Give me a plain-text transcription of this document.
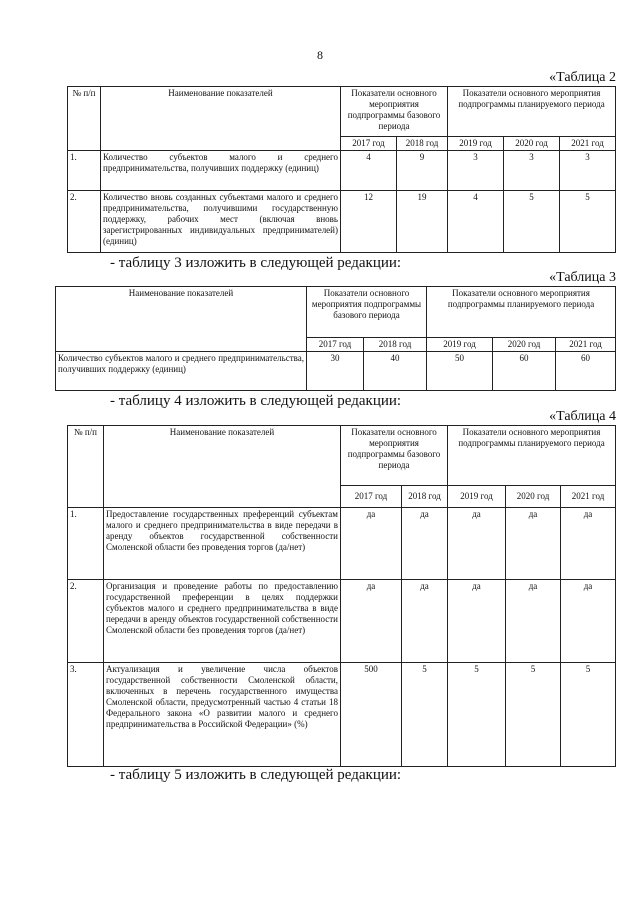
8
«Таблица 2
№ п/п	Наименование показателей	Показатели основного мероприятия подпрограммы базового периода		Показатели основного мероприятия подпрограммы планируемого периода		
		2017 год	2018 год	2019 год	2020 год	2021 год
1.	Количество субъектов малого и среднего предпринимательства, получивших поддержку (единиц)	4	9	3	3	3
2.	Количество вновь созданных субъектами малого и среднего предпринимательства, получившими государственную поддержку, рабочих мест (включая вновь зарегистрированных индивидуальных предпринимателей) (единиц)	12	19	4	5	5
- таблицу 3 изложить в следующей редакции:
«Таблица 3
Наименование показателей	Показатели основного мероприятия подпрограммы базового периода		Показатели основного мероприятия подпрограммы планируемого периода		
	2017 год	2018 год	2019 год	2020 год	2021 год

Количество субъектов малого и среднего предпринимательства, получивших поддержку (единиц)	30	40	50	60	60
- таблицу 4 изложить в следующей редакции:
«Таблица 4
№ п/п	Наименование показателей	Показатели основного мероприятия подпрограммы базового периода		Показатели основного мероприятия подпрограммы планируемого периода		
		2017 год	2018 год	2019 год	2020 год	2021 год
1.	Предоставление государственных преференций субъектам малого и среднего предпринимательства в виде передачи в аренду объектов государственной собственности Смоленской области без проведения торгов (да/нет)	да	да	да	да	да
2.	Организация и проведение работы по предоставлению государственной преференции в целях поддержки субъектов малого и среднего предпринимательства в виде передачи в аренду объектов государственной собственности Смоленской области без проведения торгов (да/нет)	да	да	да	да	да
3.	Актуализация и увеличение числа объектов государственной собственности Смоленской области, включенных в перечень государственного имущества Смоленской области, предусмотренный частью 4 статьи 18 Федерального закона «О развитии малого и среднего предпринимательства в Российской Федерации» (%)	500	5	5	5	5
- таблицу 5 изложить в следующей редакции:
